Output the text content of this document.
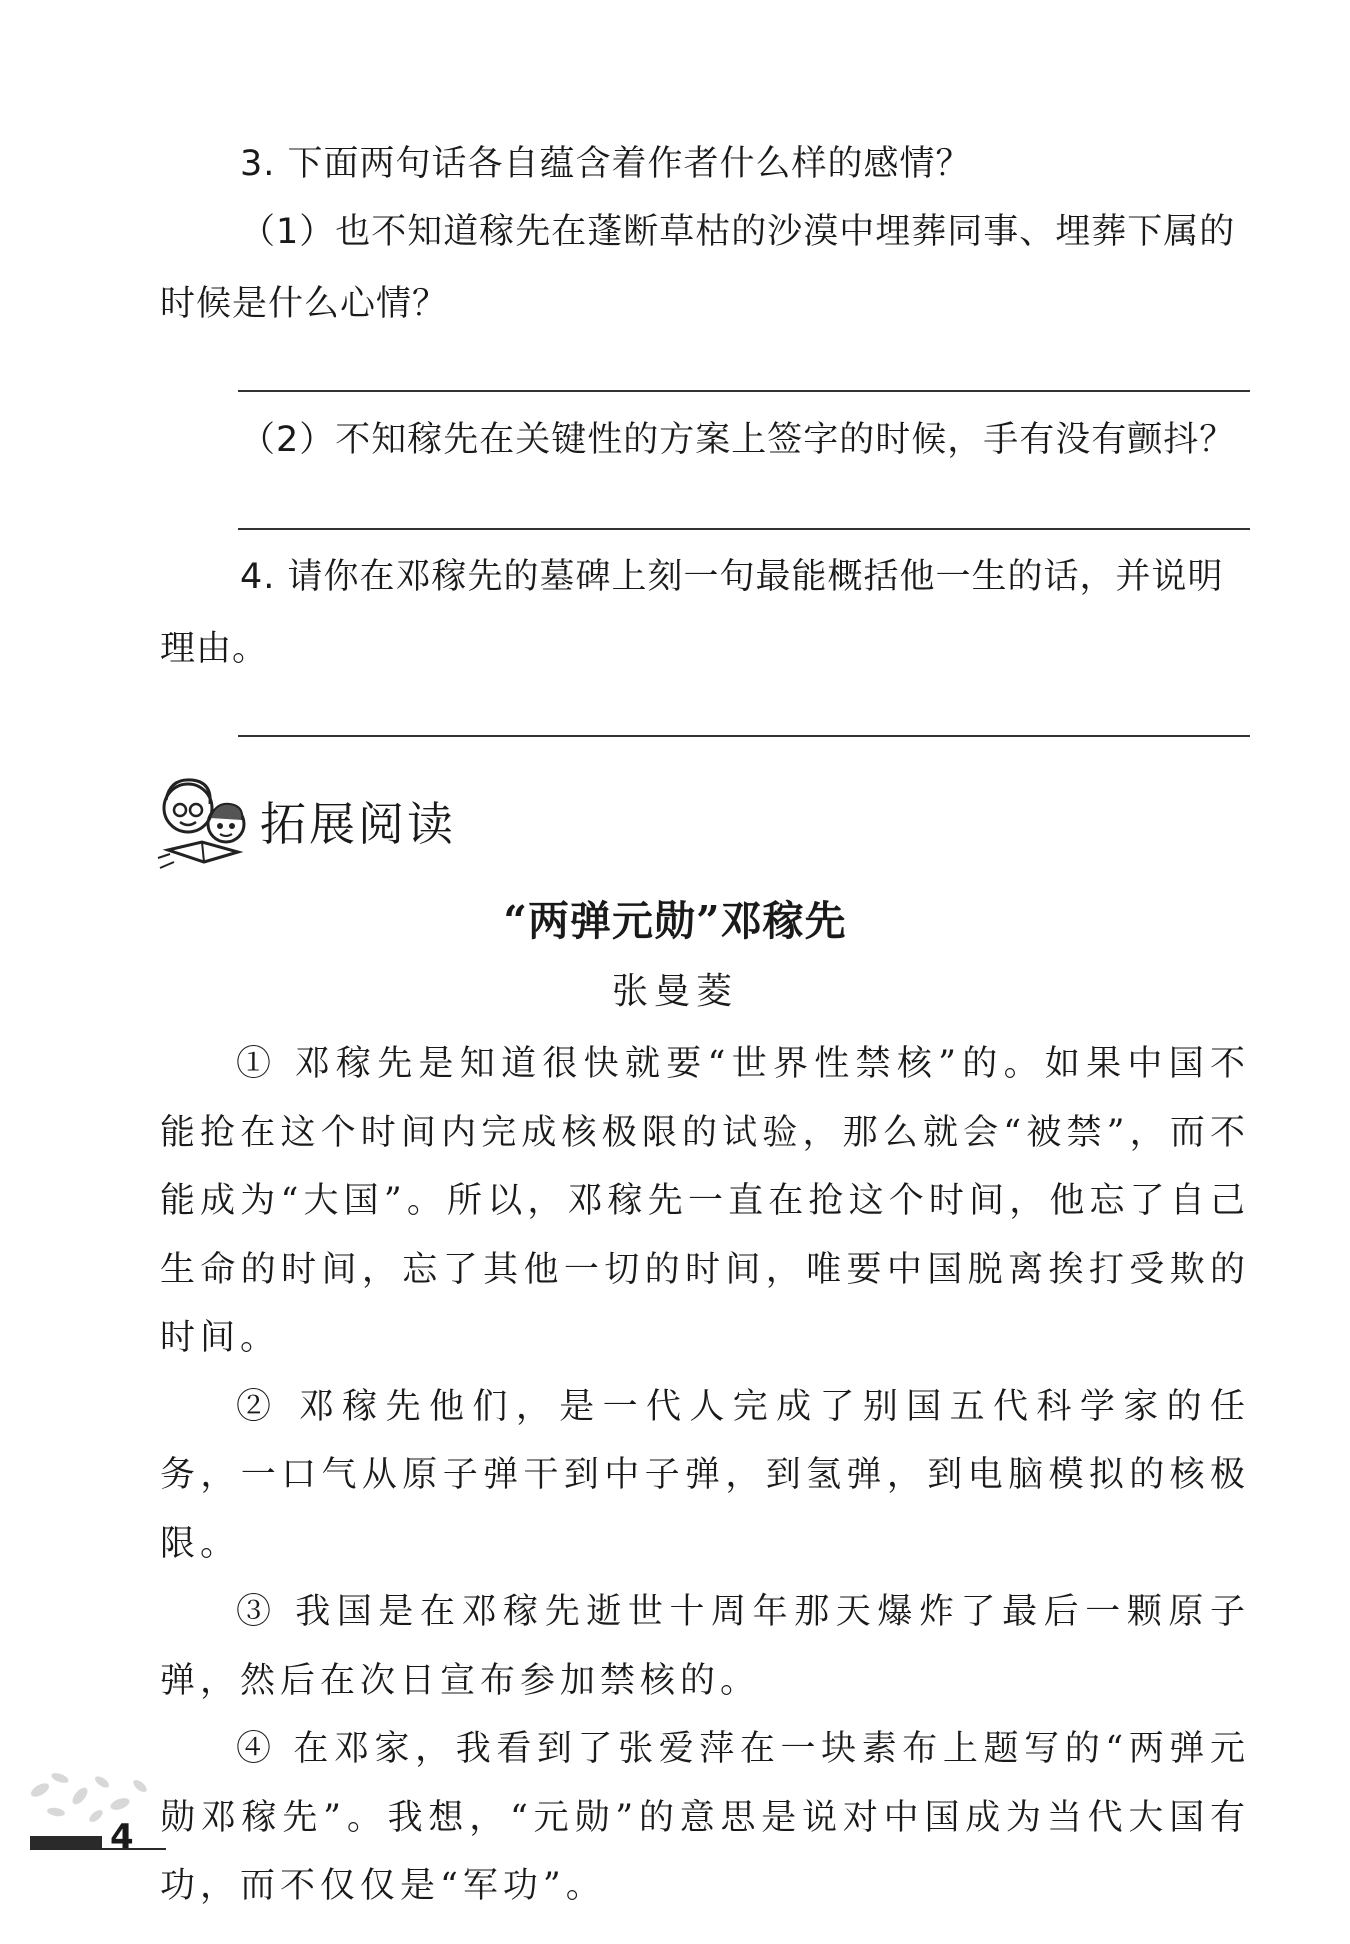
3. 下面两句话各自蕴含着作者什么样的感情？
（1）也不知道稼先在蓬断草枯的沙漠中埋葬同事、埋葬下属的时候是什么心情？
（2）不知稼先在关键性的方案上签字的时候，手有没有颤抖？
4. 请你在邓稼先的墓碑上刻一句最能概括他一生的话，并说明理由。
拓展阅读
“两弹元勋”邓稼先
张曼菱

① 邓稼先是知道很快就要“世界性禁核”的。如果中国不能抢在这个时间内完成核极限的试验，那么就会“被禁”，而不能成为“大国”。所以，邓稼先一直在抢这个时间，他忘了自己生命的时间，忘了其他一切的时间，唯要中国脱离挨打受欺的时间。

② 邓稼先他们，是一代人完成了别国五代科学家的任务，一口气从原子弹干到中子弹，到氢弹，到电脑模拟的核极限。

③ 我国是在邓稼先逝世十周年那天爆炸了最后一颗原子弹，然后在次日宣布参加禁核的。

④ 在邓家，我看到了张爱萍在一块素布上题写的“两弹元勋邓稼先”。我想，“元勋”的意思是说对中国成为当代大国有功，而不仅仅是“军功”。

4
